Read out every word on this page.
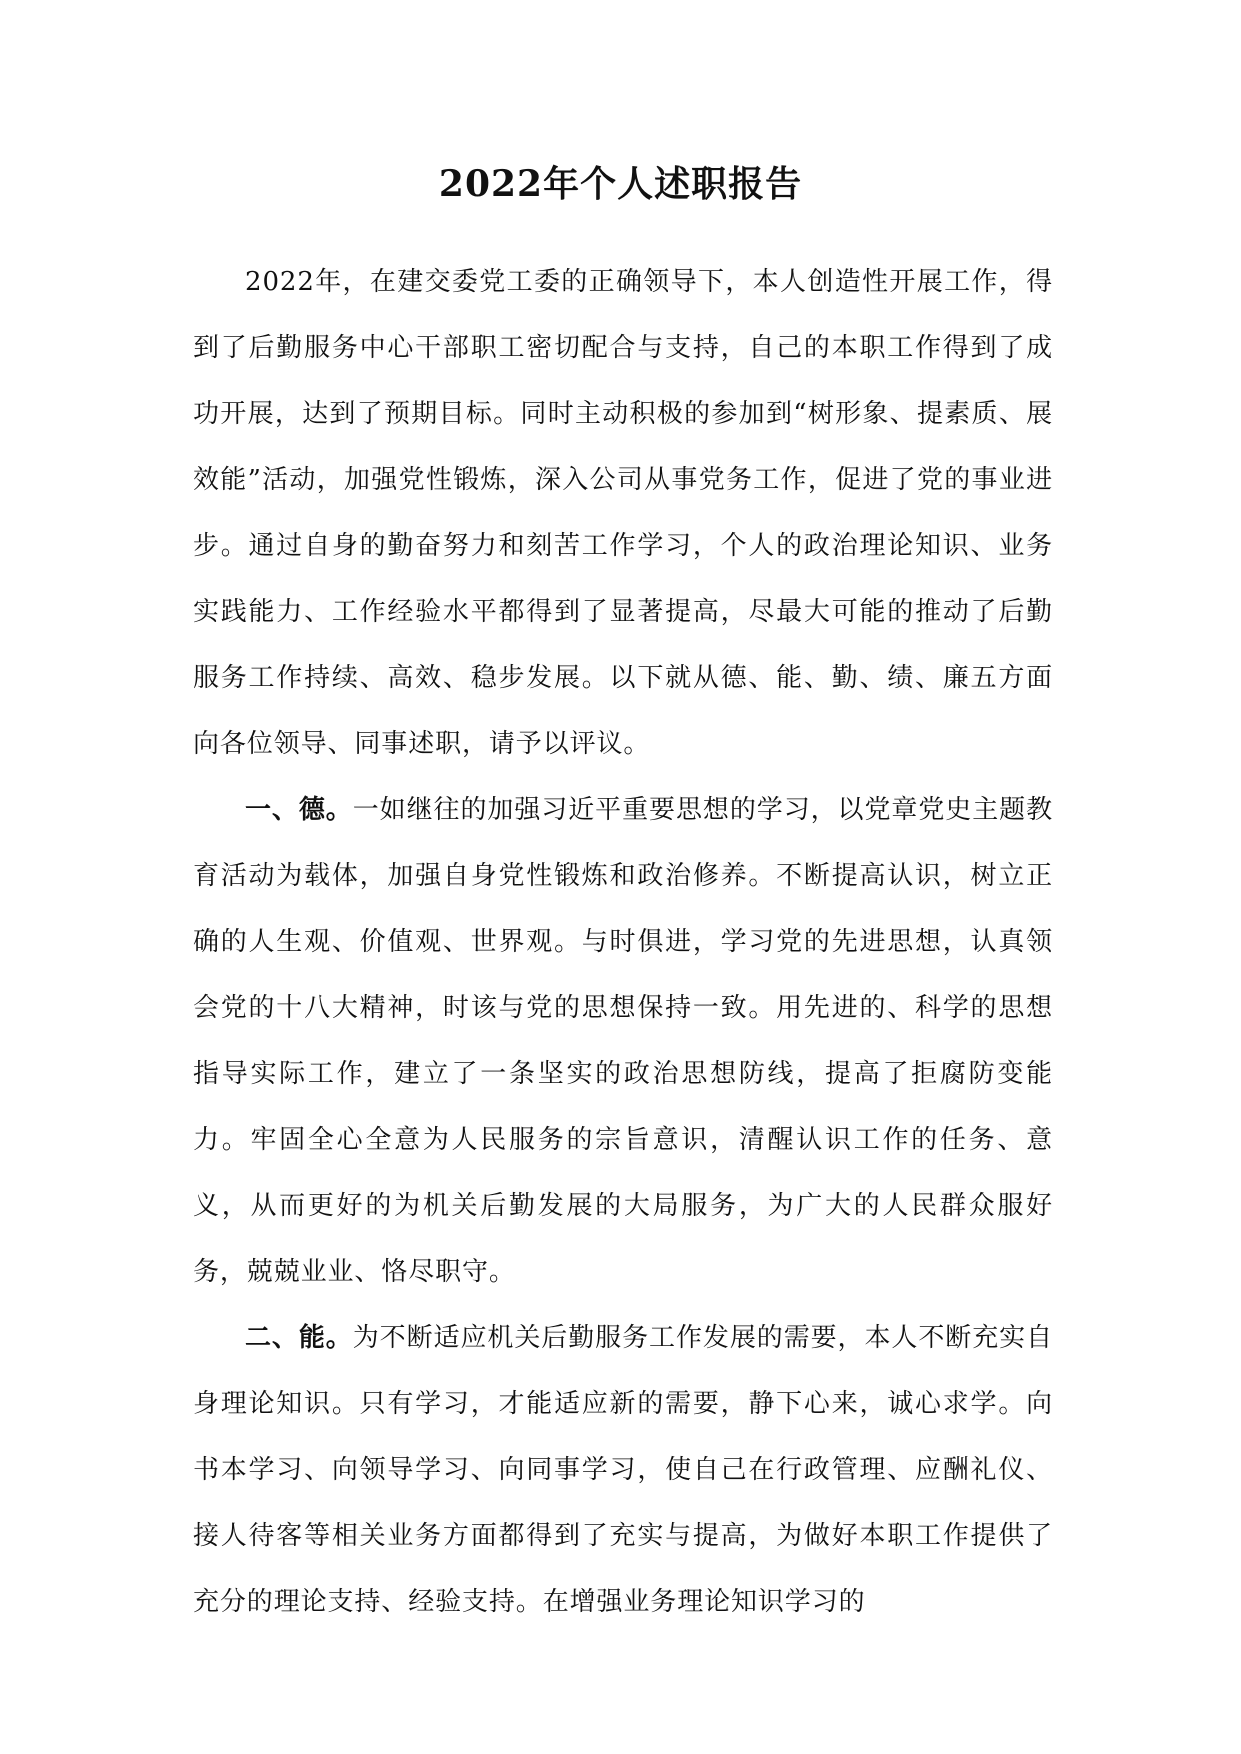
2022年个人述职报告

2022年，在建交委党工委的正确领导下，本人创造性开展工作，得到了后勤服务中心干部职工密切配合与支持，自己的本职工作得到了成功开展，达到了预期目标。同时主动积极的参加到“树形象、提素质、展效能”活动，加强党性锻炼，深入公司从事党务工作，促进了党的事业进步。通过自身的勤奋努力和刻苦工作学习，个人的政治理论知识、业务实践能力、工作经验水平都得到了显著提高，尽最大可能的推动了后勤服务工作持续、高效、稳步发展。以下就从德、能、勤、绩、廉五方面向各位领导、同事述职，请予以评议。

一、德。一如继往的加强习近平重要思想的学习，以党章党史主题教育活动为载体，加强自身党性锻炼和政治修养。不断提高认识，树立正确的人生观、价值观、世界观。与时俱进，学习党的先进思想，认真领会党的十八大精神，时该与党的思想保持一致。用先进的、科学的思想指导实际工作，建立了一条坚实的政治思想防线，提高了拒腐防变能力。牢固全心全意为人民服务的宗旨意识，清醒认识工作的任务、意义，从而更好的为机关后勤发展的大局服务，为广大的人民群众服好务，兢兢业业、恪尽职守。

二、能。为不断适应机关后勤服务工作发展的需要，本人不断充实自身理论知识。只有学习，才能适应新的需要，静下心来，诚心求学。向书本学习、向领导学习、向同事学习，使自己在行政管理、应酬礼仪、接人待客等相关业务方面都得到了充实与提高，为做好本职工作提供了充分的理论支持、经验支持。在增强业务理论知识学习的
